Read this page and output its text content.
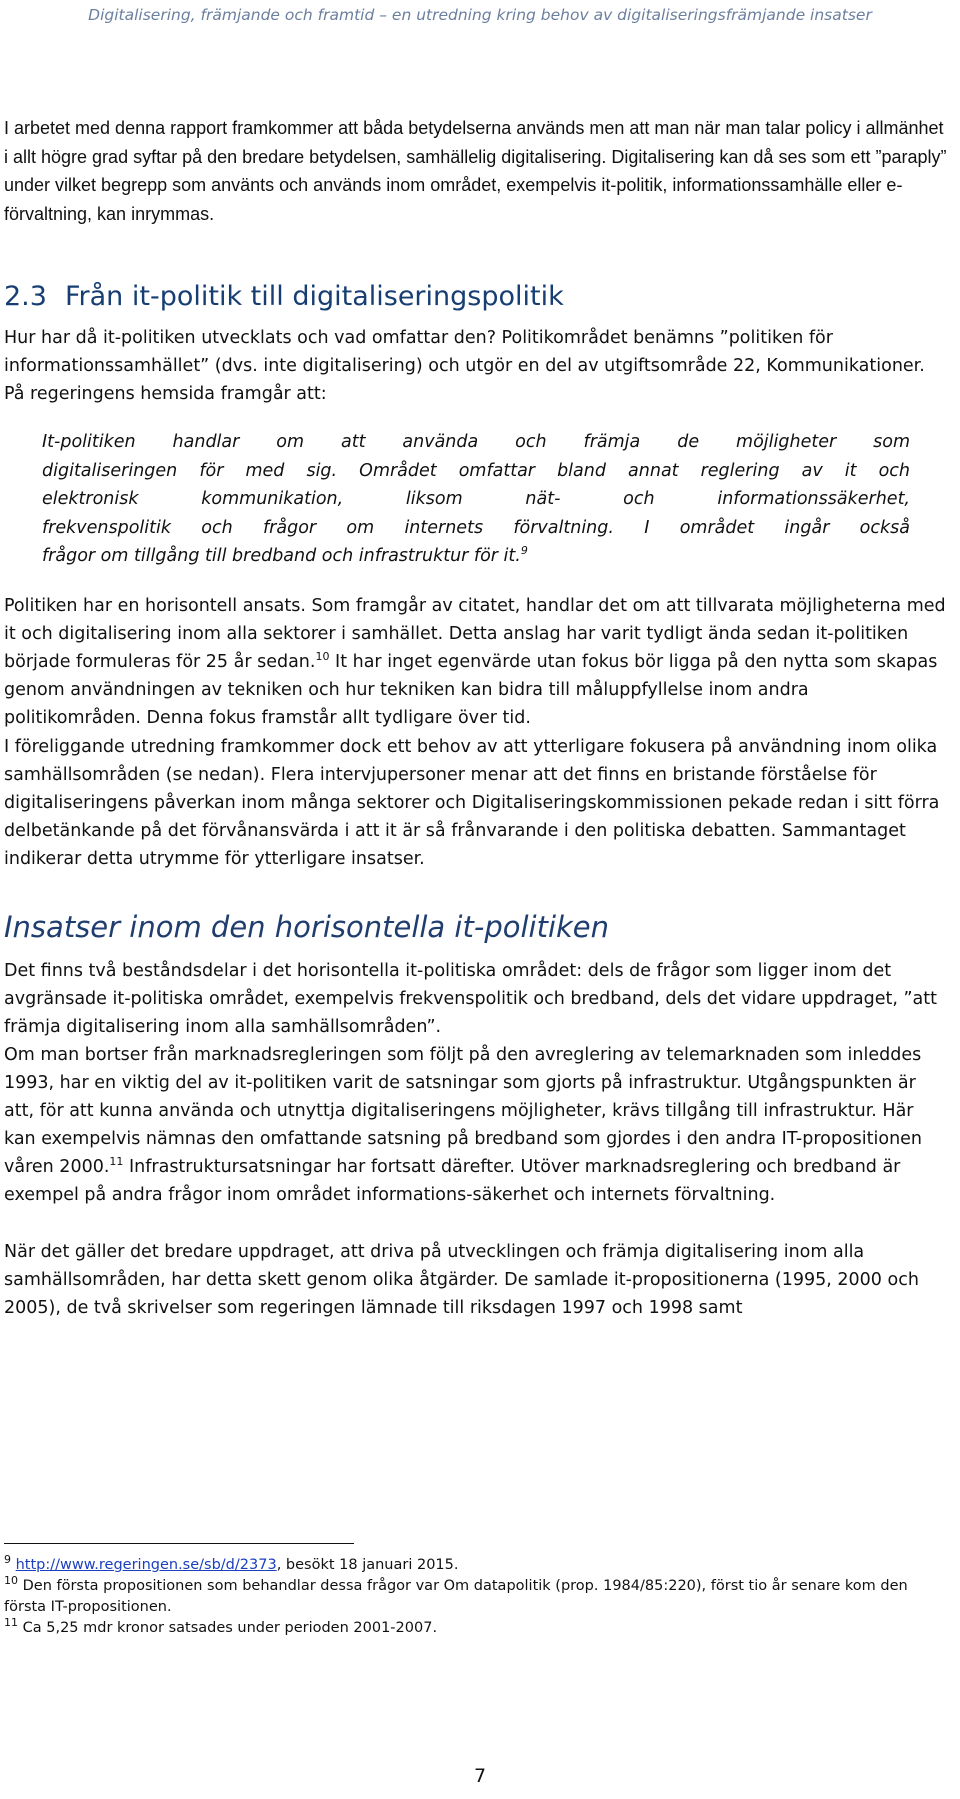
Digitalisering, främjande och framtid – en utredning kring behov av digitaliseringsfrämjande insatser

I arbetet med denna rapport framkommer att båda betydelserna används men att man när man talar policy i allmänhet i allt högre grad syftar på den bredare betydelsen, samhällelig digitalisering. Digitalisering kan då ses som ett ”paraply” under vilket begrepp som använts och används inom området, exempelvis it-politik, informationssamhälle eller e-förvaltning, kan inrymmas.

2.3 Från it-politik till digitaliseringspolitik

Hur har då it-politiken utvecklats och vad omfattar den? Politikområdet benämns ”politiken för informationssamhället” (dvs. inte digitalisering) och utgör en del av utgiftsområde 22, Kommunikationer. På regeringens hemsida framgår att:

It-politiken handlar om att använda och främja de möjligheter som
digitaliseringen för med sig. Området omfattar bland annat reglering av it och
elektronisk kommunikation, liksom nät- och informationssäkerhet,
frekvenspolitik och frågor om internets förvaltning. I området ingår också
frågor om tillgång till bredband och infrastruktur för it.$^9$

Politiken har en horisontell ansats. Som framgår av citatet, handlar det om att tillvarata möjligheterna med it och digitalisering inom alla sektorer i samhället. Detta anslag har varit tydligt ända sedan it-politiken började formuleras för 25 år sedan.$^{10}$ It har inget egenvärde utan fokus bör ligga på den nytta som skapas genom användningen av tekniken och hur tekniken kan bidra till måluppfyllelse inom andra politikområden. Denna fokus framstår allt tydligare över tid.

I föreliggande utredning framkommer dock ett behov av att ytterligare fokusera på användning inom olika samhällsområden (se nedan). Flera intervjupersoner menar att det finns en bristande förståelse för digitaliseringens påverkan inom många sektorer och Digitaliseringskommissionen pekade redan i sitt förra delbetänkande på det förvånansvärda i att it är så frånvarande i den politiska debatten. Sammantaget indikerar detta utrymme för ytterligare insatser.

Insatser inom den horisontella it-politiken

Det finns två beståndsdelar i det horisontella it-politiska området: dels de frågor som ligger inom det avgränsade it-politiska området, exempelvis frekvenspolitik och bredband, dels det vidare uppdraget, ”att främja digitalisering inom alla samhällsområden”.

Om man bortser från marknadsregleringen som följt på den avreglering av telemarknaden som inleddes 1993, har en viktig del av it-politiken varit de satsningar som gjorts på infrastruktur. Utgångspunkten är att, för att kunna använda och utnyttja digitaliseringens möjligheter, krävs tillgång till infrastruktur. Här kan exempelvis nämnas den omfattande satsning på bredband som gjordes i den andra IT-propositionen våren 2000.11 Infrastruktursatsningar har fortsatt därefter. Utöver marknadsreglering och bredband är exempel på andra frågor inom området informations-säkerhet och internets förvaltning.

När det gäller det bredare uppdraget, att driva på utvecklingen och främja digitalisering inom alla samhällsområden, har detta skett genom olika åtgärder. De samlade it-propositionerna (1995, 2000 och 2005), de två skrivelser som regeringen lämnade till riksdagen 1997 och 1998 samt

$^9$ http://www.regeringen.se/sb/d/2373, besökt 18 januari 2015.

$^{10}$ Den första propositionen som behandlar dessa frågor var Om datapolitik (prop. 1984/85:220), först tio år senare kom den första IT-propositionen.

$^{11}$ Ca 5,25 mdr kronor satsades under perioden 2001-2007.

7
